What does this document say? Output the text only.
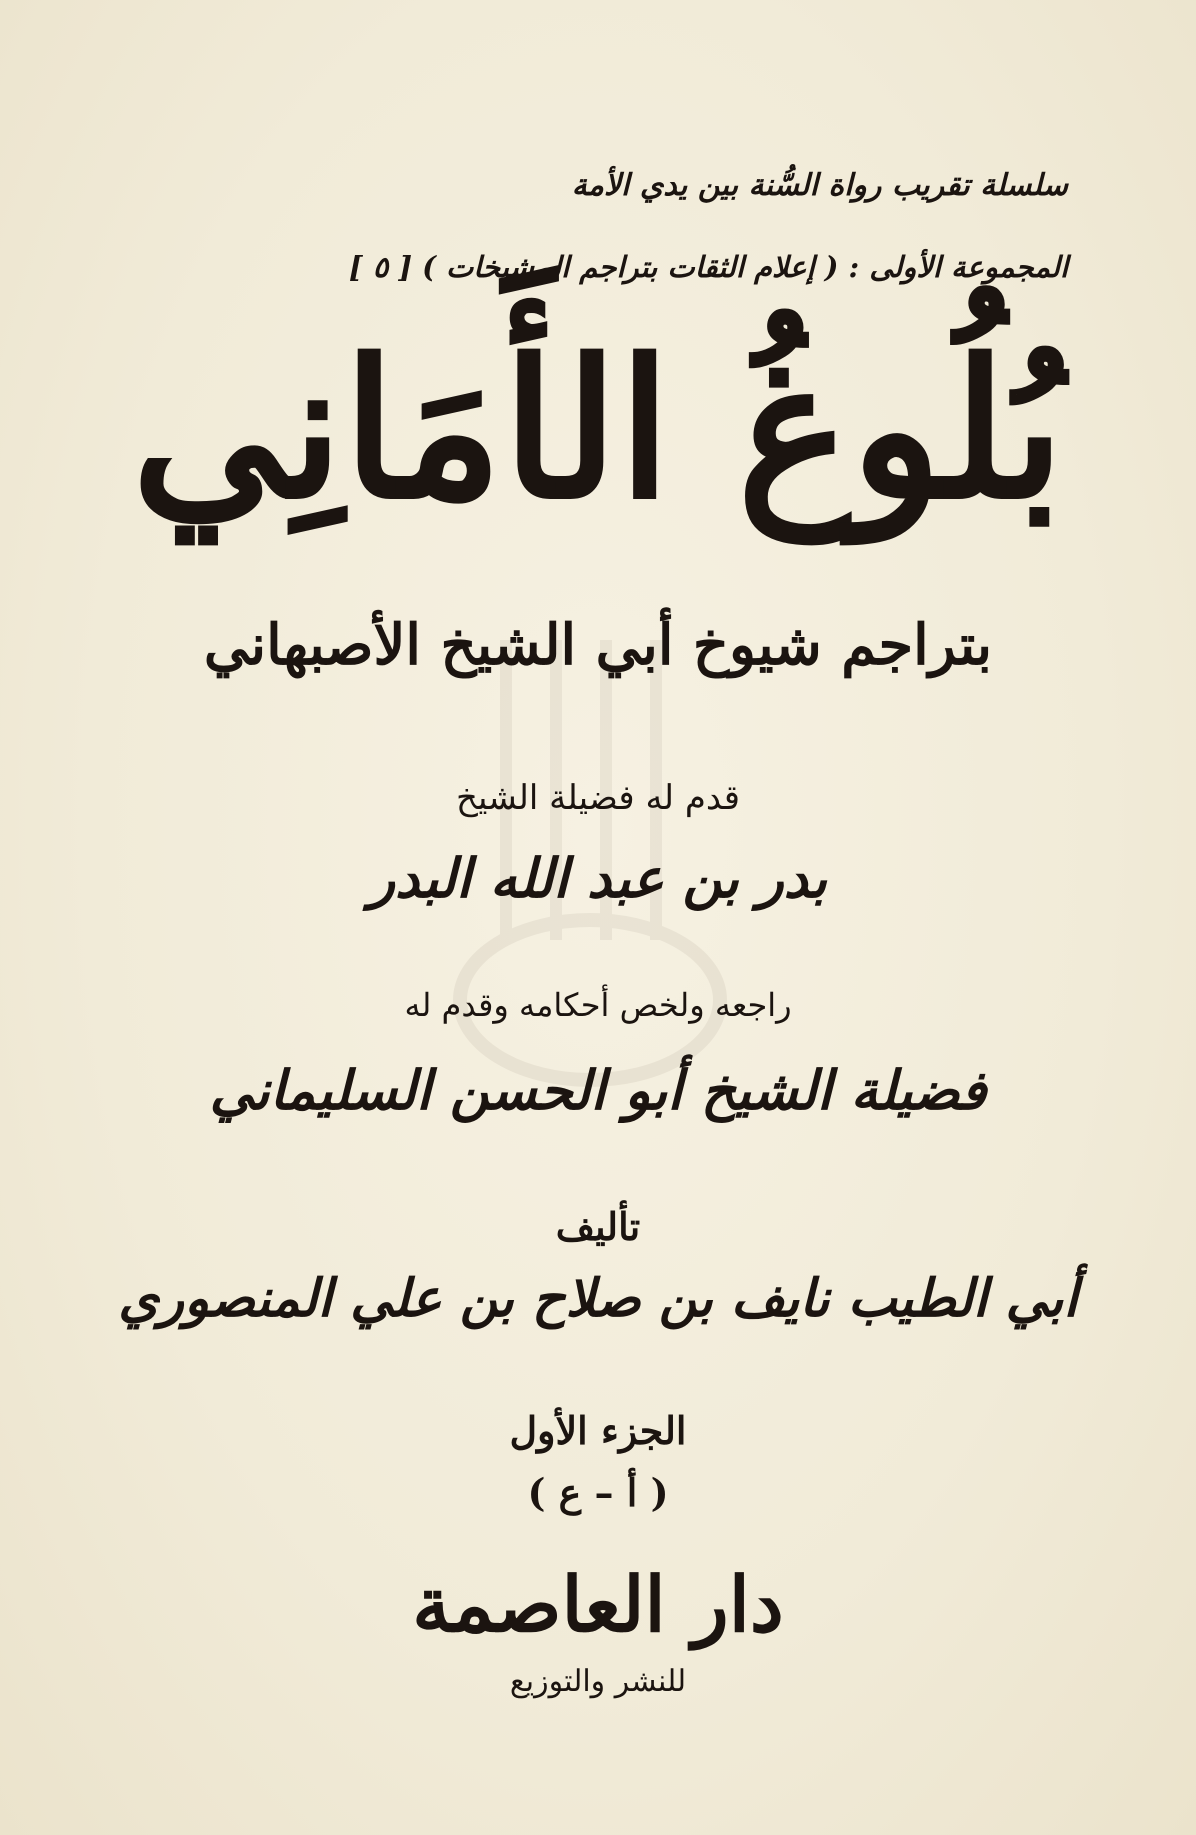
سلسلة تقريب رواة السُّنة بين يدي الأمة
المجموعة الأولى : ( إعلام الثقات بتراجم المشيخات ) [ ٥ ]
بُلُوغُ الأَمَانِي
بتراجم شيوخ أبي الشيخ الأصبهاني
قدم له فضيلة الشيخ
بدر بن عبد الله البدر
راجعه ولخص أحكامه وقدم له
فضيلة الشيخ أبو الحسن السليماني
تأليف
أبي الطيب نايف بن صلاح بن علي المنصوري
الجزء الأول
( أ – ع )
دار العاصمة
للنشر والتوزيع
